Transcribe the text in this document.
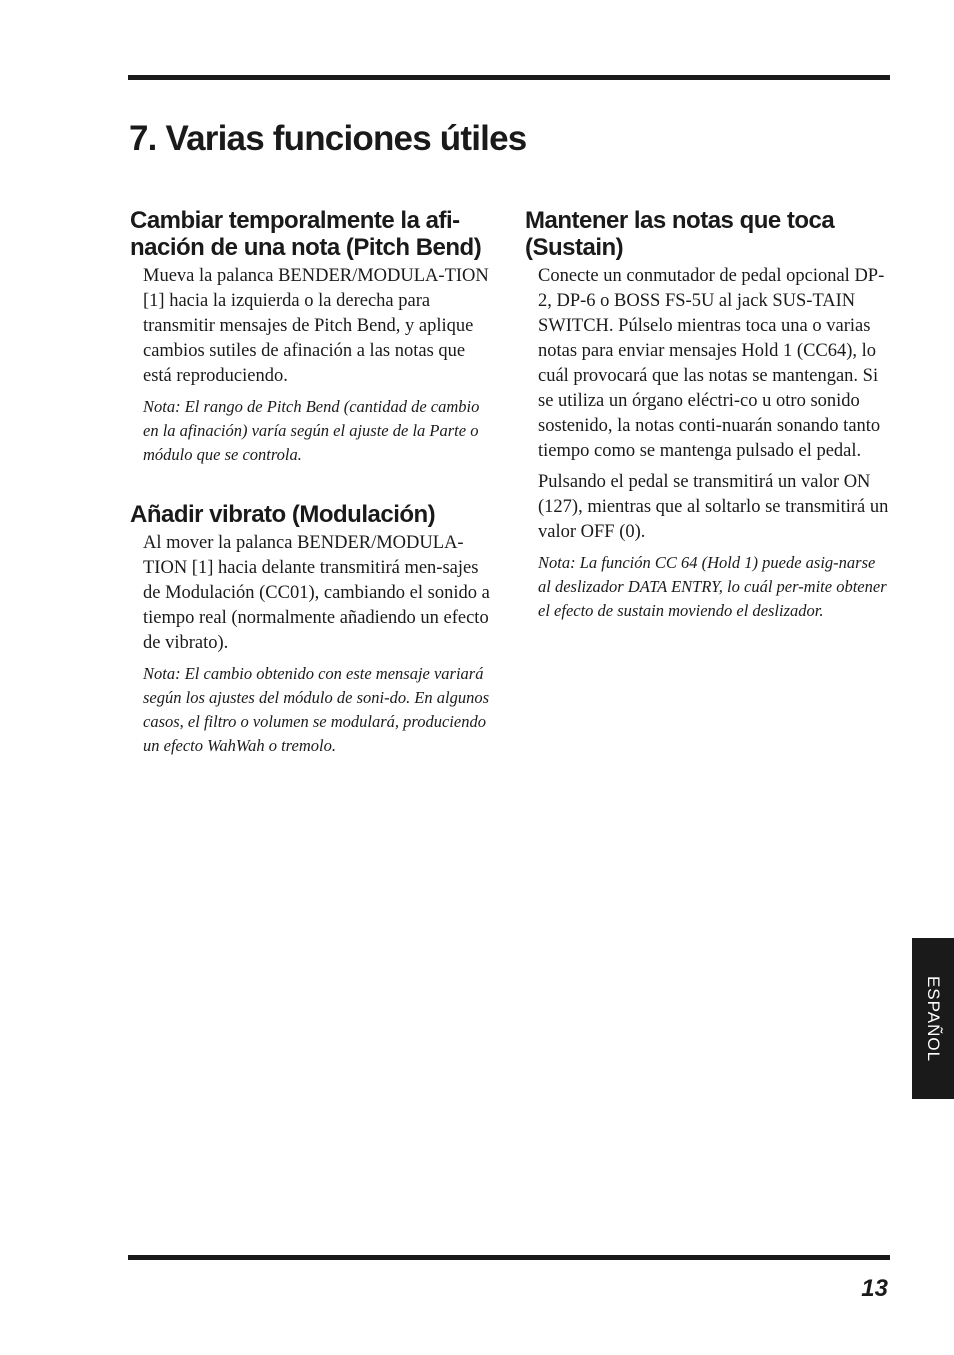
7. Varias funciones útiles
Cambiar temporalmente la afi-nación de una nota (Pitch Bend)

Mueva la palanca BENDER/MODULA-TION [1] hacia la izquierda o la derecha para transmitir mensajes de Pitch Bend, y aplique cambios sutiles de afinación a las notas que está reproduciendo.

Nota: El rango de Pitch Bend (cantidad de cambio en la afinación) varía según el ajuste de la Parte o módulo que se controla.

Añadir vibrato (Modulación)

Al mover la palanca BENDER/MODULA-TION [1] hacia delante transmitirá men-sajes de Modulación (CC01), cambiando el sonido a tiempo real (normalmente añadiendo un efecto de vibrato).

Nota: El cambio obtenido con este mensaje variará según los ajustes del módulo de soni-do. En algunos casos, el filtro o volumen se modulará, produciendo un efecto WahWah o tremolo.

Mantener las notas que toca (Sustain)

Conecte un conmutador de pedal opcional DP-2, DP-6 o BOSS FS-5U al jack SUS-TAIN SWITCH. Púlselo mientras toca una o varias notas para enviar mensajes Hold 1 (CC64), lo cuál provocará que las notas se mantengan. Si se utiliza un órgano eléctri-co u otro sonido sostenido, la notas conti-nuarán sonando tanto tiempo como se mantenga pulsado el pedal.

Pulsando el pedal se transmitirá un valor ON (127), mientras que al soltarlo se transmitirá un valor OFF (0).

Nota: La función CC 64 (Hold 1) puede asig-narse al deslizador DATA ENTRY, lo cuál per-mite obtener el efecto de sustain moviendo el deslizador.

ESPAÑOL
13
